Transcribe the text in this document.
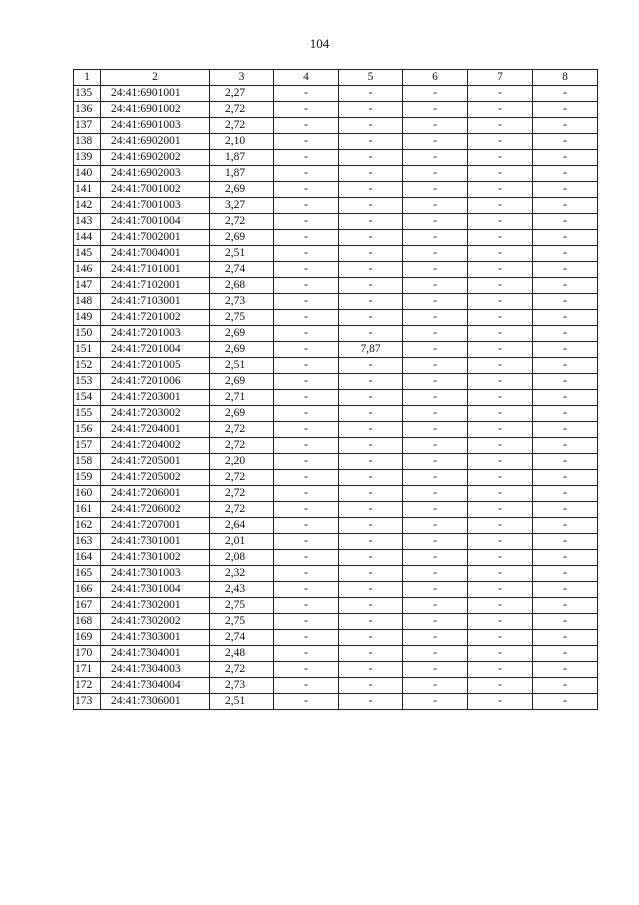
104
1	2	3	4	5	6	7	8
135	24:41:6901001	2,27	-	-	-	-	-
136	24:41:6901002	2,72	-	-	-	-	-
137	24:41:6901003	2,72	-	-	-	-	-
138	24:41:6902001	2,10	-	-	-	-	-
139	24:41:6902002	1,87	-	-	-	-	-
140	24:41:6902003	1,87	-	-	-	-	-
141	24:41:7001002	2,69	-	-	-	-	-
142	24:41:7001003	3,27	-	-	-	-	-
143	24:41:7001004	2,72	-	-	-	-	-
144	24:41:7002001	2,69	-	-	-	-	-
145	24:41:7004001	2,51	-	-	-	-	-
146	24:41:7101001	2,74	-	-	-	-	-
147	24:41:7102001	2,68	-	-	-	-	-
148	24:41:7103001	2,73	-	-	-	-	-
149	24:41:7201002	2,75	-	-	-	-	-
150	24:41:7201003	2,69	-	-	-	-	-
151	24:41:7201004	2,69	-	7,87	-	-	-
152	24:41:7201005	2,51	-	-	-	-	-
153	24:41:7201006	2,69	-	-	-	-	-
154	24:41:7203001	2,71	-	-	-	-	-
155	24:41:7203002	2,69	-	-	-	-	-
156	24:41:7204001	2,72	-	-	-	-	-
157	24:41:7204002	2,72	-	-	-	-	-
158	24:41:7205001	2,20	-	-	-	-	-
159	24:41:7205002	2,72	-	-	-	-	-
160	24:41:7206001	2,72	-	-	-	-	-
161	24:41:7206002	2,72	-	-	-	-	-
162	24:41:7207001	2,64	-	-	-	-	-
163	24:41:7301001	2,01	-	-	-	-	-
164	24:41:7301002	2,08	-	-	-	-	-
165	24:41:7301003	2,32	-	-	-	-	-
166	24:41:7301004	2,43	-	-	-	-	-
167	24:41:7302001	2,75	-	-	-	-	-
168	24:41:7302002	2,75	-	-	-	-	-
169	24:41:7303001	2,74	-	-	-	-	-
170	24:41:7304001	2,48	-	-	-	-	-
171	24:41:7304003	2,72	-	-	-	-	-
172	24:41:7304004	2,73	-	-	-	-	-
173	24:41:7306001	2,51	-	-	-	-	-
